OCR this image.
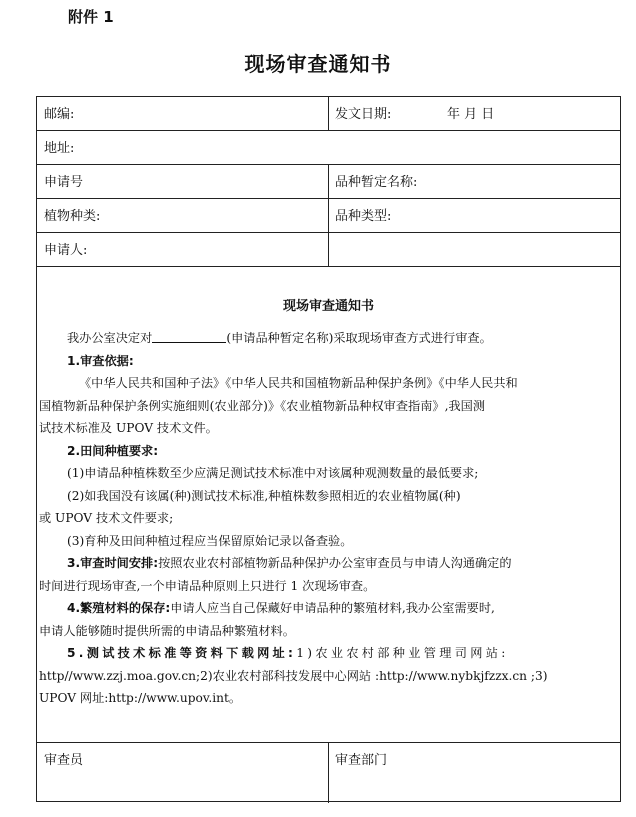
附件 1
现场审查通知书
邮编:	发文日期:	年 月 日
地址:
申请号	品种暂定名称:
植物种类:	品种类型:
申请人:
现场审查通知书

我办公室决定对	(申请品种暂定名称)采取现场审查方式进行审查。

1.审查依据:

《中华人民共和国种子法》《中华人民共和国植物新品种保护条例》《中华人民共和

国植物新品种保护条例实施细则(农业部分)》《农业植物新品种权审查指南》,我国测

试技术标准及 UPOV 技术文件。

2.田间种植要求:

(1)申请品种植株数至少应满足测试技术标准中对该属种观测数量的最低要求;

(2)如我国没有该属(种)测试技术标准,种植株数参照相近的农业植物属(种)

或 UPOV 技术文件要求;

(3)育种及田间种植过程应当保留原始记录以备查验。

3.审查时间安排:按照农业农村部植物新品种保护办公室审查员与申请人沟通确定的

时间进行现场审查,一个申请品种原则上只进行 1 次现场审查。

4.繁殖材料的保存:申请人应当自己保藏好申请品种的繁殖材料,我办公室需要时,

申请人能够随时提供所需的申请品种繁殖材料。

5.测试技术标准等资料下载网址:1)农业农村部种业管理司网站:

http//www.zzj.moa.gov.cn;2)农业农村部科技发展中心网站 :http://www.nybkjfzzx.cn ;3)

UPOV 网址:http://www.upov.int。

审查员	审查部门
